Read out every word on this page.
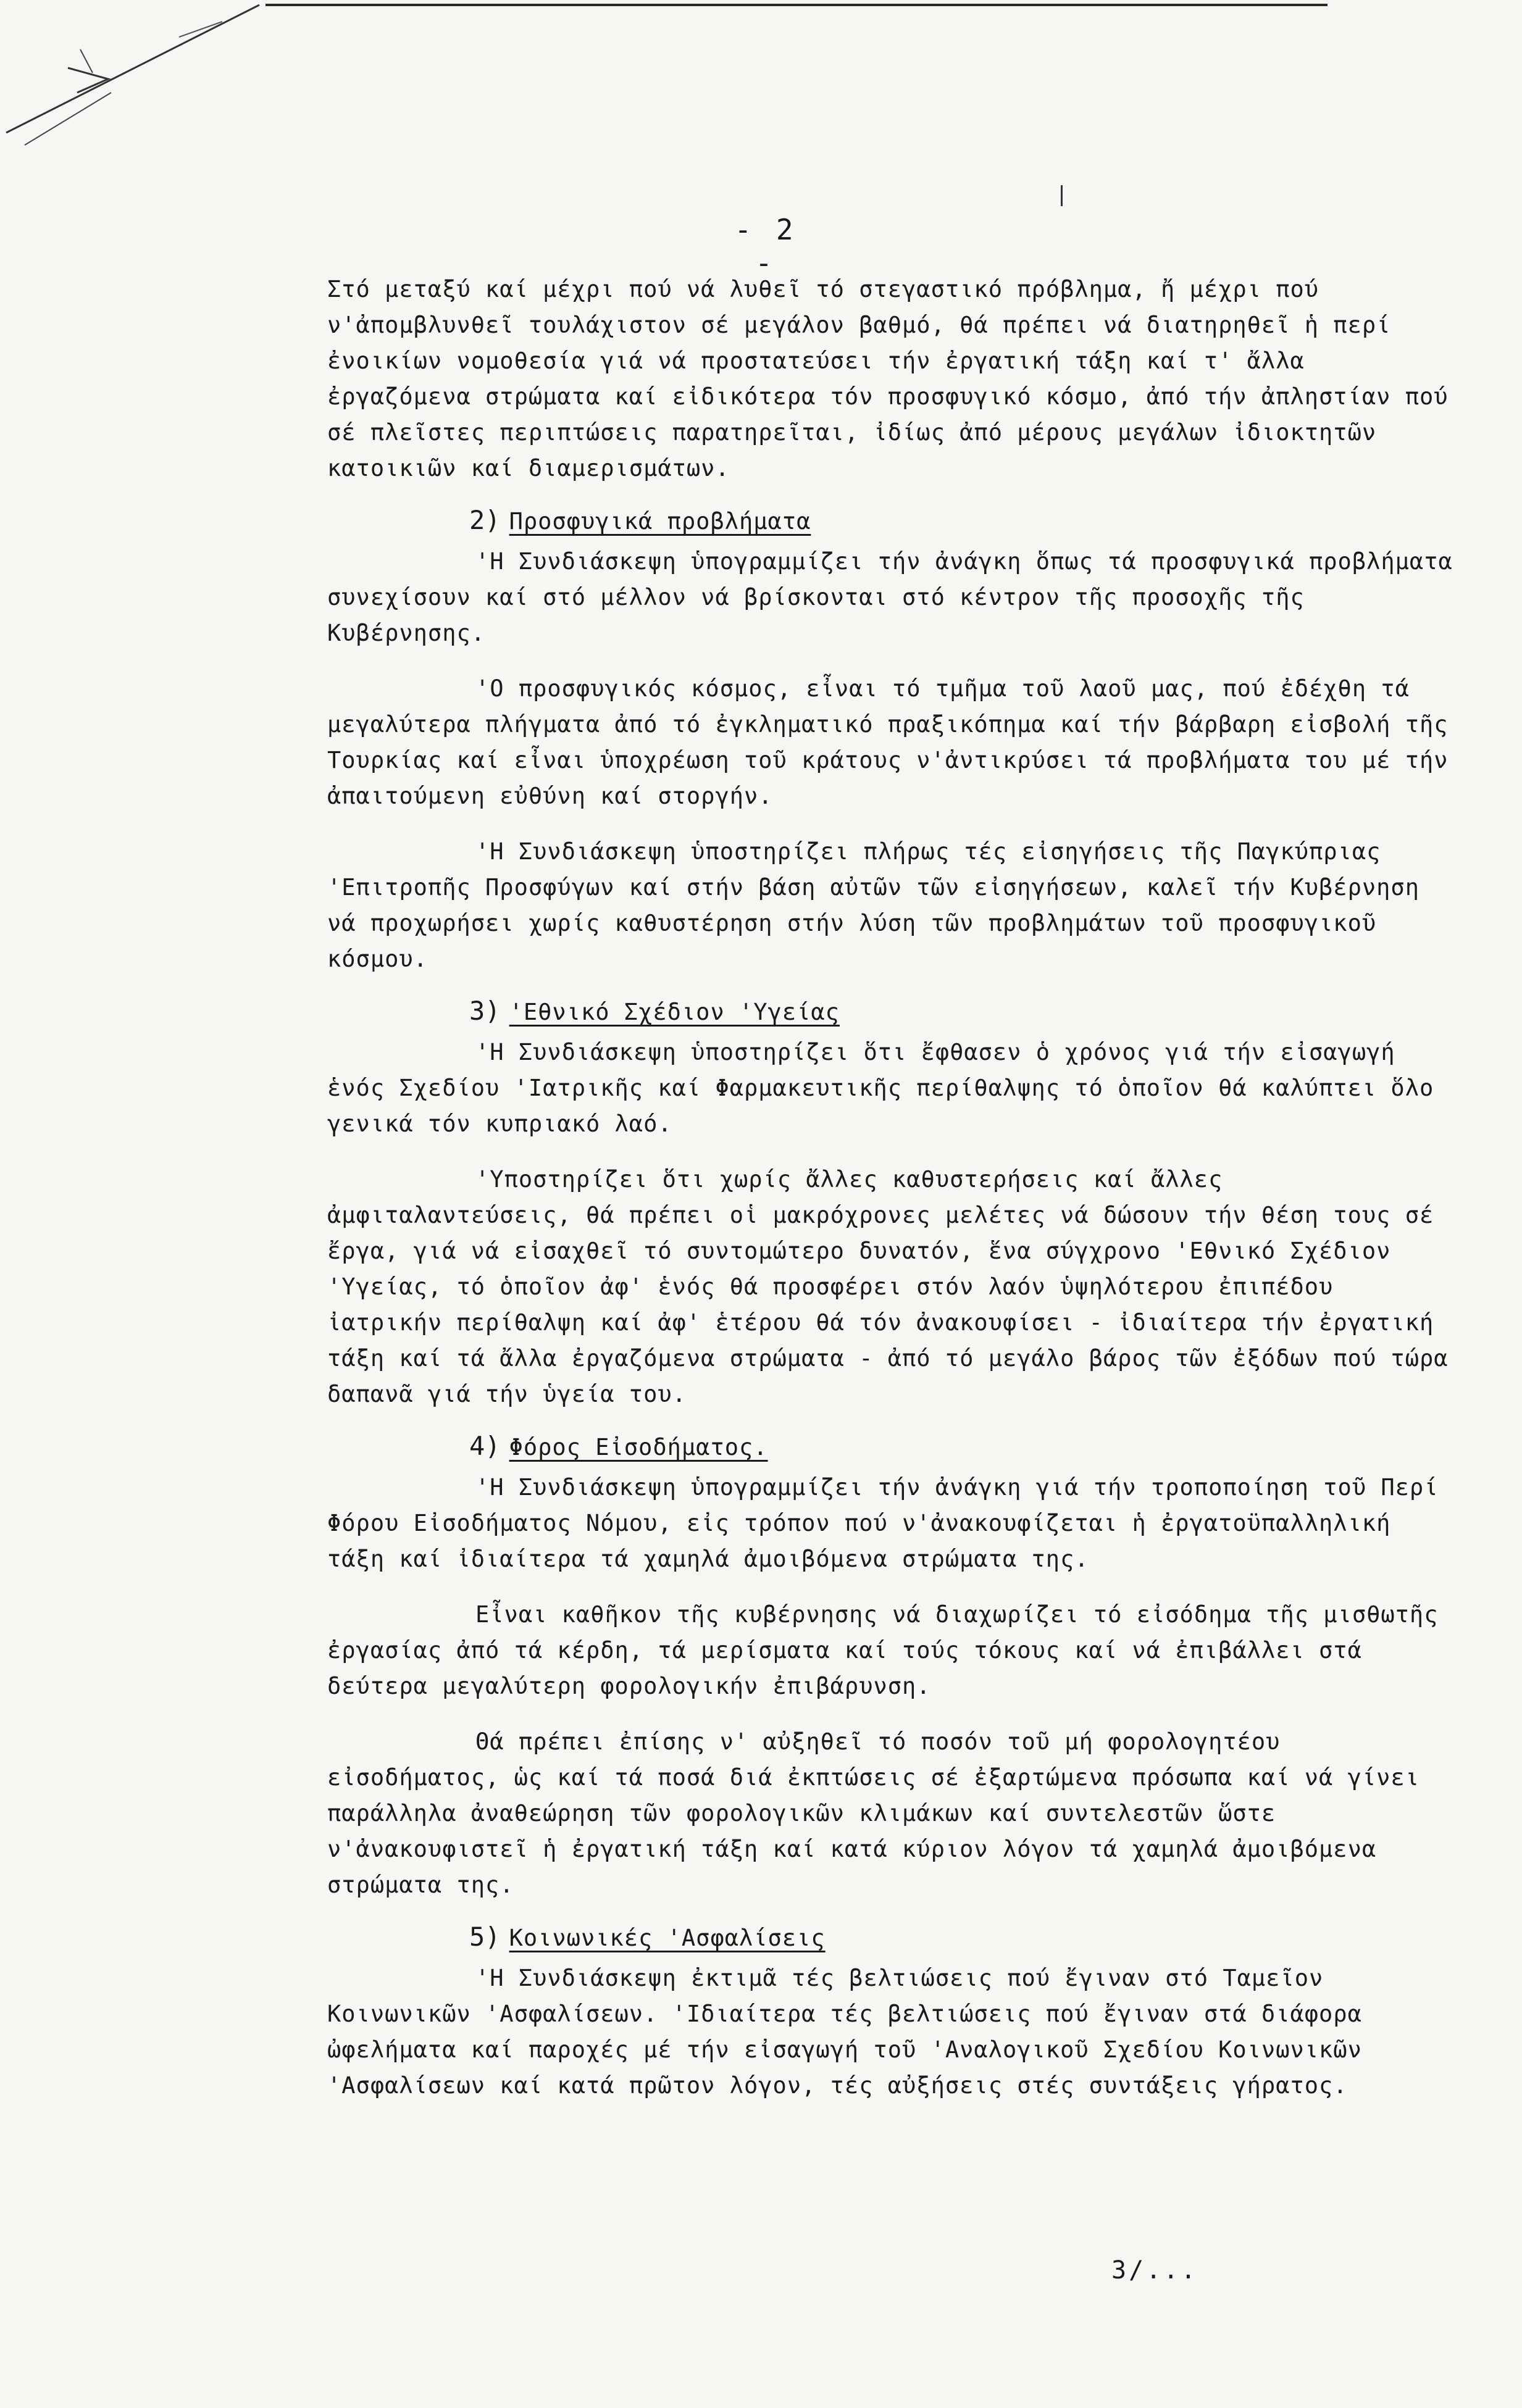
- 2 -

Στό μεταξύ καί μέχρι πού νά λυθεῖ τό στεγαστικό πρόβλημα, ἤ μέχρι πού ν'ἀπομβλυνθεῖ τουλάχιστον σέ μεγάλον βαθμό, θά πρέπει νά διατηρηθεῖ ἡ περί ἐνοικίων νομοθεσία γιά νά προστατεύσει τήν ἐργατική τάξη καί τ' ἄλλα ἐργαζόμενα στρώματα καί εἰδικότερα τόν προσφυγικό κόσμο, ἀπό τήν ἀπληστίαν πού σέ πλεῖστες περιπτώσεις παρατηρεῖται, ἰδίως ἀπό μέρους μεγάλων ἰδιοκτητῶν κατοικιῶν καί διαμερισμάτων.

2) Προσφυγικά προβλήματα

'Η Συνδιάσκεψη ὑπογραμμίζει τήν ἀνάγκη ὅπως τά προσφυγικά προβλήματα συνεχίσουν καί στό μέλλον νά βρίσκονται στό κέντρον τῆς προσοχῆς τῆς Κυβέρνησης.

'Ο προσφυγικός κόσμος, εἶναι τό τμῆμα τοῦ λαοῦ μας, πού ἐδέχθη τά μεγαλύτερα πλήγματα ἀπό τό ἐγκληματικό πραξικόπημα καί τήν βάρβαρη εἰσβολή τῆς Τουρκίας καί εἶναι ὑποχρέωση τοῦ κράτους ν'ἀντικρύσει τά προβλήματα του μέ τήν ἀπαιτούμενη εὐθύνη καί στοργήν.

'Η Συνδιάσκεψη ὑποστηρίζει πλήρως τές εἰσηγήσεις τῆς Παγκύπριας 'Επιτροπῆς Προσφύγων καί στήν βάση αὐτῶν τῶν εἰσηγήσεων, καλεῖ τήν Κυβέρνηση νά προχωρήσει χωρίς καθυστέρηση στήν λύση τῶν προβλημάτων τοῦ προσφυγικοῦ κόσμου.

3) 'Εθνικό Σχέδιον 'Υγείας

'Η Συνδιάσκεψη ὑποστηρίζει ὅτι ἔφθασεν ὁ χρόνος γιά τήν εἰσαγωγή ἑνός Σχεδίου 'Ιατρικῆς καί Φαρμακευτικῆς περίθαλψης τό ὁποῖον θά καλύπτει ὅλο γενικά τόν κυπριακό λαό.

'Υποστηρίζει ὅτι χωρίς ἄλλες καθυστερήσεις καί ἄλλες ἀμφιταλαντεύσεις, θά πρέπει οἱ μακρόχρονες μελέτες νά δώσουν τήν θέση τους σέ ἔργα, γιά νά εἰσαχθεῖ τό συντομώτερο δυνατόν, ἕνα σύγχρονο 'Εθνικό Σχέδιον 'Υγείας, τό ὁποῖον ἀφ' ἑνός θά προσφέρει στόν λαόν ὑψηλότερου ἐπιπέδου ἰατρικήν περίθαλψη καί ἀφ' ἑτέρου θά τόν ἀνακουφίσει - ἰδιαίτερα τήν ἐργατική τάξη καί τά ἄλλα ἐργαζόμενα στρώματα - ἀπό τό μεγάλο βάρος τῶν ἐξόδων πού τώρα δαπανᾶ γιά τήν ὑγεία του.

4) Φόρος Εἰσοδήματος.

'Η Συνδιάσκεψη ὑπογραμμίζει τήν ἀνάγκη γιά τήν τροποποίηση τοῦ Περί Φόρου Εἰσοδήματος Νόμου, εἰς τρόπον πού ν'ἀνακουφίζεται ἡ ἐργατοϋπαλληλική τάξη καί ἰδιαίτερα τά χαμηλά ἀμοιβόμενα στρώματα της.

Εἶναι καθῆκον τῆς κυβέρνησης νά διαχωρίζει τό εἰσόδημα τῆς μισθωτῆς ἐργασίας ἀπό τά κέρδη, τά μερίσματα καί τούς τόκους καί νά ἐπιβάλλει στά δεύτερα μεγαλύτερη φορολογικήν ἐπιβάρυνση.

Θά πρέπει ἐπίσης ν' αὐξηθεῖ τό ποσόν τοῦ μή φορολογητέου εἰσοδήματος, ὡς καί τά ποσά διά ἐκπτώσεις σέ ἐξαρτώμενα πρόσωπα καί νά γίνει παράλληλα ἀναθεώρηση τῶν φορολογικῶν κλιμάκων καί συντελεστῶν ὥστε ν'ἀνακουφιστεῖ ἡ ἐργατική τάξη καί κατά κύριον λόγον τά χαμηλά ἀμοιβόμενα στρώματα της.

5) Κοινωνικές 'Ασφαλίσεις

'Η Συνδιάσκεψη ἐκτιμᾶ τές βελτιώσεις πού ἔγιναν στό Ταμεῖον Κοινωνικῶν 'Ασφαλίσεων. 'Ιδιαίτερα τές βελτιώσεις πού ἔγιναν στά διάφορα ὠφελήματα καί παροχές μέ τήν εἰσαγωγή τοῦ 'Αναλογικοῦ Σχεδίου Κοινωνικῶν 'Ασφαλίσεων καί κατά πρῶτον λόγον, τές αὐξήσεις στές συντάξεις γήρατος.

3/...
